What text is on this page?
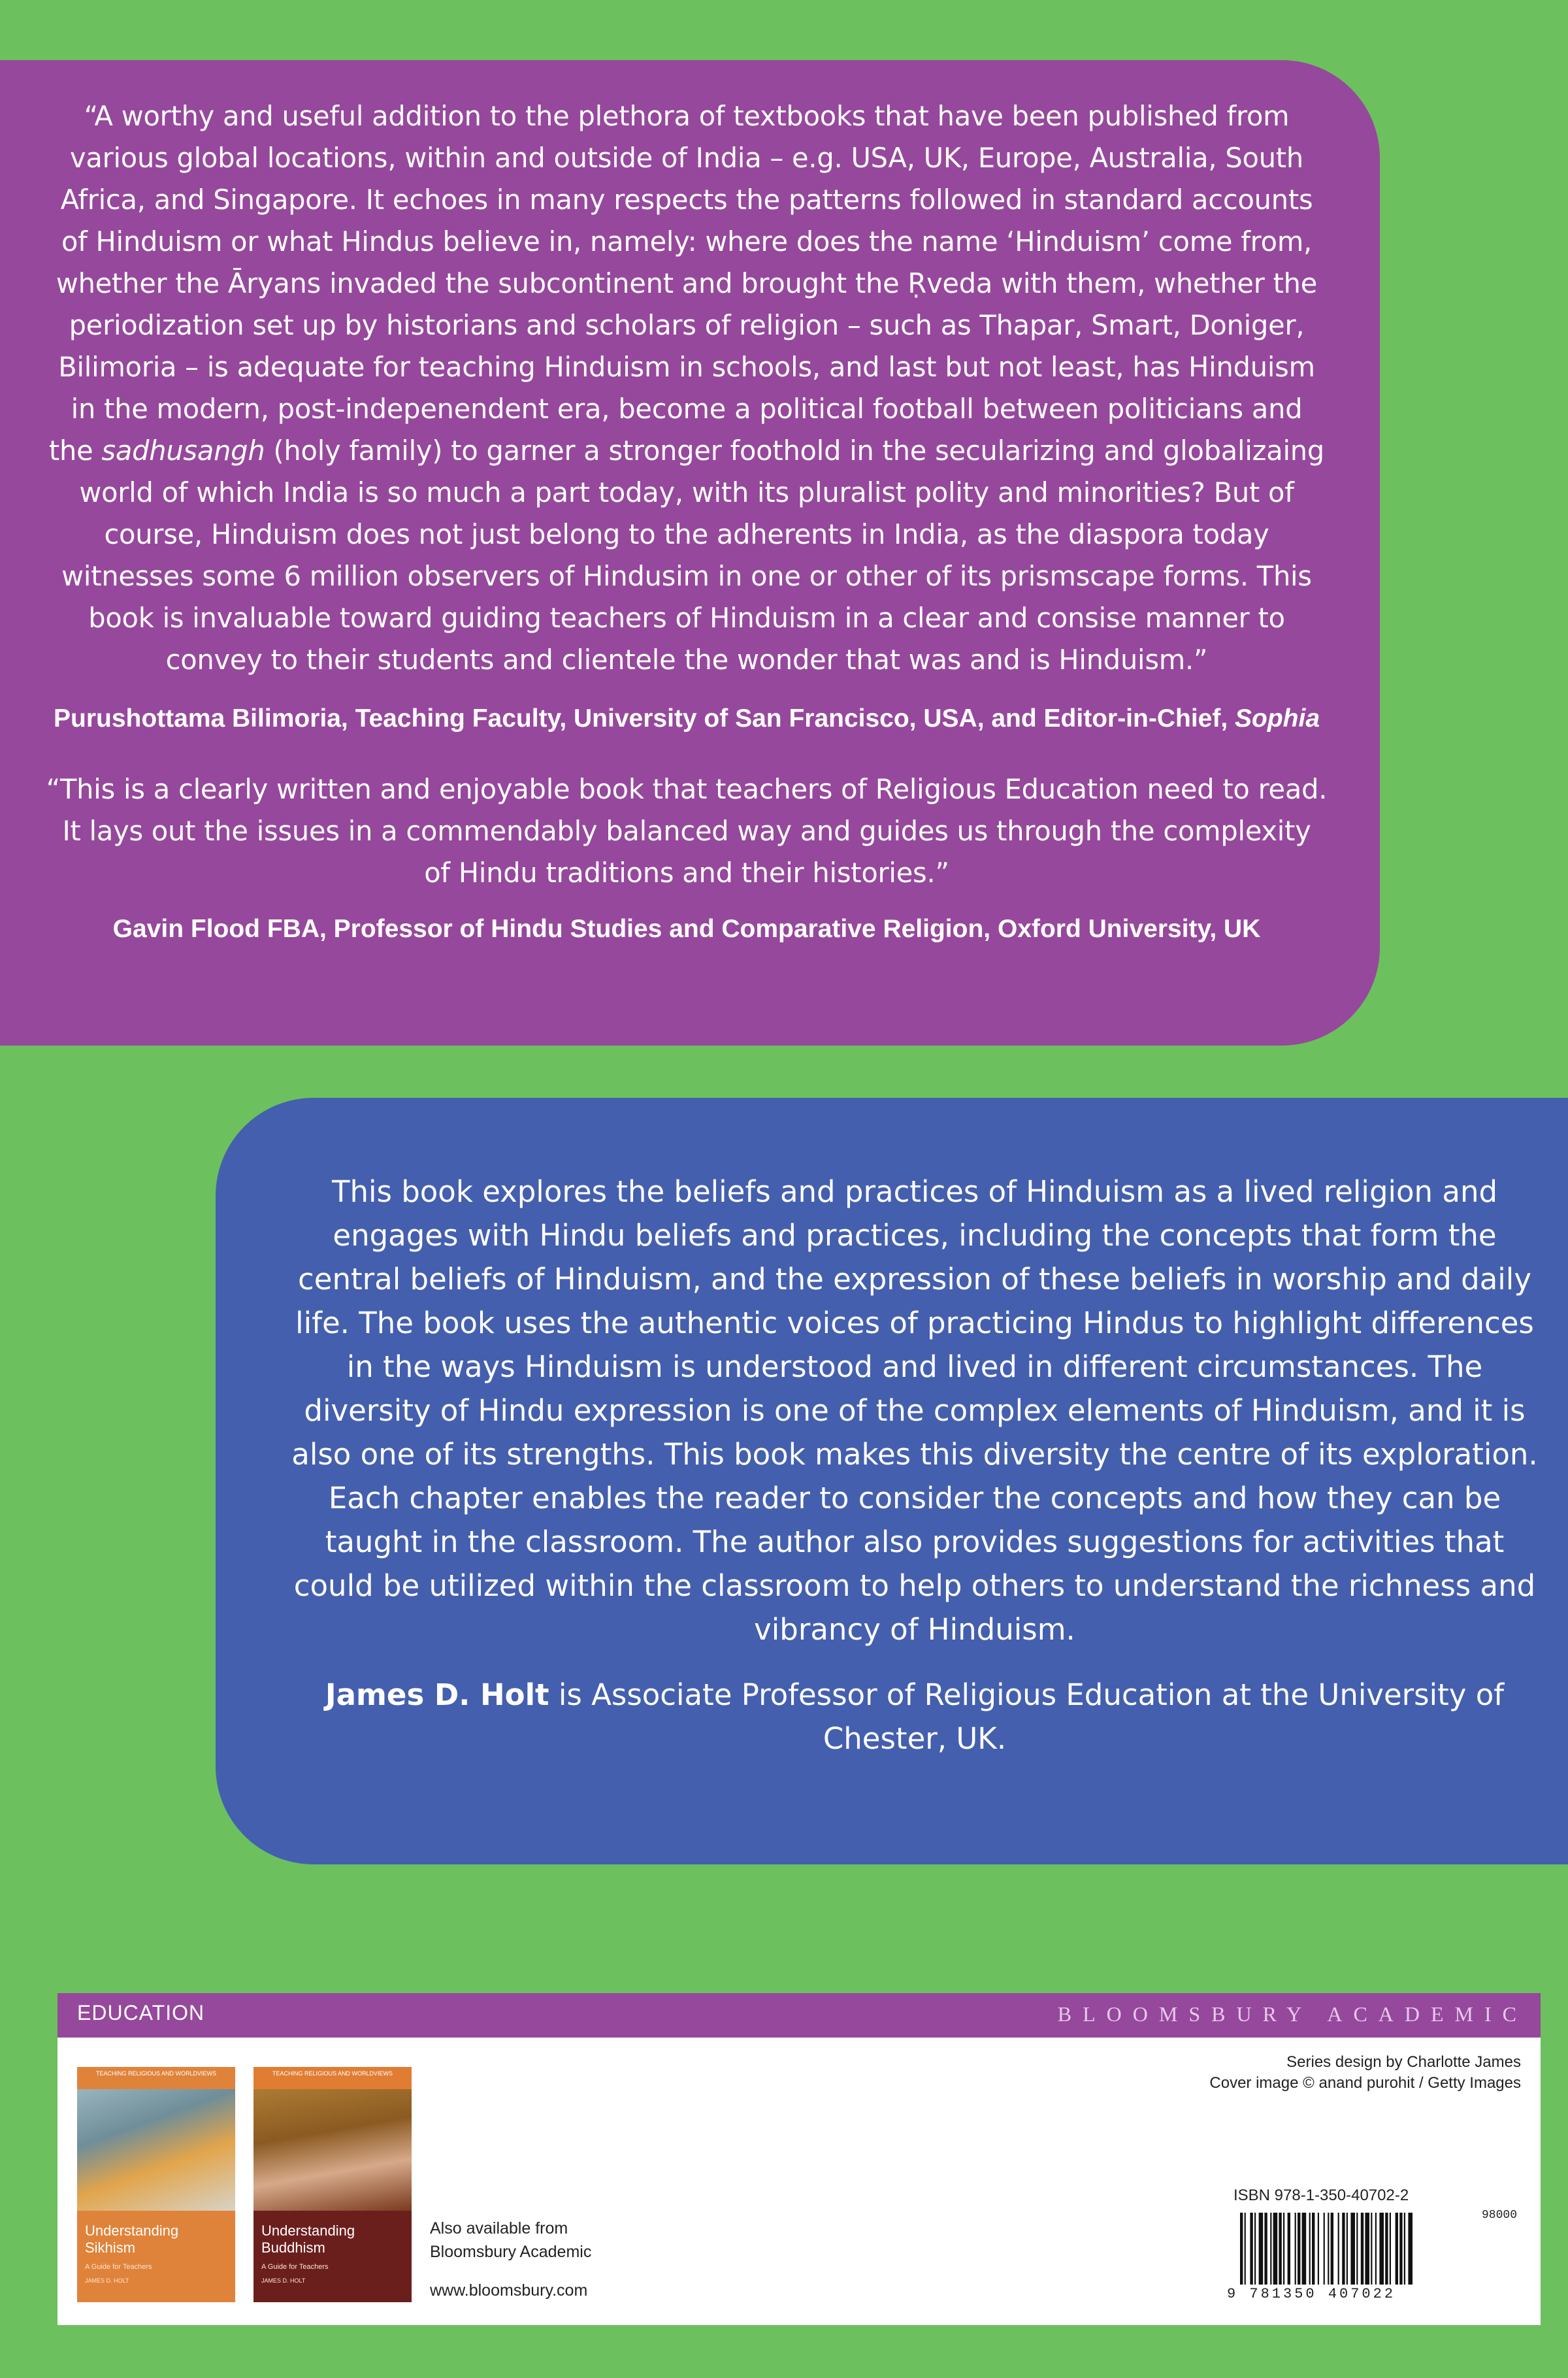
“A worthy and useful addition to the plethora of textbooks that have been published from various global locations, within and outside of India – e.g. USA, UK, Europe, Australia, South Africa, and Singapore. It echoes in many respects the patterns followed in standard accounts of Hinduism or what Hindus believe in, namely: where does the name ‘Hinduism’ come from, whether the Āryans invaded the subcontinent and brought the Ṛveda with them, whether the periodization set up by historians and scholars of religion – such as Thapar, Smart, Doniger, Bilimoria – is adequate for teaching Hinduism in schools, and last but not least, has Hinduism in the modern, post-indepenendent era, become a political football between politicians and the sadhusangh (holy family) to garner a stronger foothold in the secularizing and globalizaing world of which India is so much a part today, with its pluralist polity and minorities? But of course, Hinduism does not just belong to the adherents in India, as the diaspora today witnesses some 6 million observers of Hindusim in one or other of its prismscape forms. This book is invaluable toward guiding teachers of Hinduism in a clear and consise manner to convey to their students and clientele the wonder that was and is Hinduism.”

Purushottama Bilimoria, Teaching Faculty, University of San Francisco, USA, and Editor-in-Chief, Sophia

“This is a clearly written and enjoyable book that teachers of Religious Education need to read. It lays out the issues in a commendably balanced way and guides us through the complexity of Hindu traditions and their histories.”

Gavin Flood FBA, Professor of Hindu Studies and Comparative Religion, Oxford University, UK

This book explores the beliefs and practices of Hinduism as a lived religion and engages with Hindu beliefs and practices, including the concepts that form the central beliefs of Hinduism, and the expression of these beliefs in worship and daily life. The book uses the authentic voices of practicing Hindus to highlight differences in the ways Hinduism is understood and lived in different circumstances. The diversity of Hindu expression is one of the complex elements of Hinduism, and it is also one of its strengths. This book makes this diversity the centre of its exploration. Each chapter enables the reader to consider the concepts and how they can be taught in the classroom. The author also provides suggestions for activities that could be utilized within the classroom to help others to understand the richness and vibrancy of Hinduism.

James D. Holt is Associate Professor of Religious Education at the University of Chester, UK.

EDUCATION	BLOOMSBURY ACADEMIC
TEACHING RELIGIOUS AND WORLDVIEWS
Understanding Sikhism
A Guide for Teachers
JAMES D. HOLT
TEACHING RELIGIOUS AND WORLDVIEWS
Understanding Buddhism
A Guide for Teachers
JAMES D. HOLT
Also available from
Bloomsbury Academic
www.bloomsbury.com
Series design by Charlotte James
Cover image © anand purohit / Getty Images
ISBN 978-1-350-40702-2
98000
9 781350 407022
